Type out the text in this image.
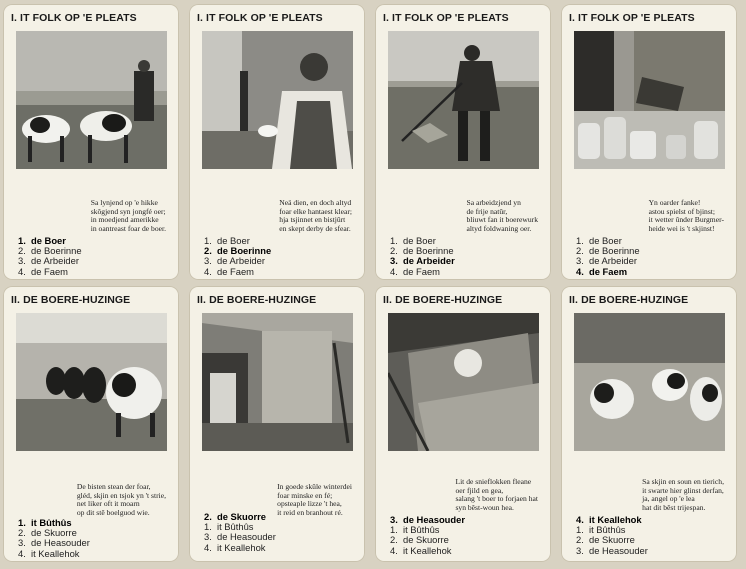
I. IT FOLK OP 'E PLEATS
Sa lynjend op 'e hikke
skôgjend syn jongfé oer;
in moedjend amerikke
in oantreast foar de boer.
1. de Boer
2. de Boerinne
3. de Arbeider
4. de Faem
I. IT FOLK OP 'E PLEATS
Neä dien, en doch altyd
foar elke hantaest klear;
hja tsjinnet en bistjûrt
en skept derby de sfear.
1. de Boer
2. de Boerinne
3. de Arbeider
4. de Faem
I. IT FOLK OP 'E PLEATS
Sa arbeidzjend yn
de frije natûr,
bliuwt fan it boerewurk
altyd foldwaning oer.
1. de Boer
2. de Boerinne
3. de Arbeider
4. de Faem
I. IT FOLK OP 'E PLEATS
Yn oarder fanke!
astou spielst of bjinst;
it wetter ûnder Burgmer-
heide wei is 't skjinst!
1. de Boer
2. de Boerinne
3. de Arbeider
4. de Faem
II. DE BOERE-HUZINGE
De bisten stean der foar,
gléd, skjin en tsjok yn 't strie,
net liker oft it moarn
op dit stê boelguod wie.
1. it Bûthûs
2. de Skuorre
3. de Heasouder
4. it Keallehok
II. DE BOERE-HUZINGE
In goede skûle winterdei
foar minske en fé;
opsteaple lizze 't hea,
it reid en branhout ré.
2. de Skuorre
1. it Bûthûs
3. de Heasouder
4. it Keallehok
II. DE BOERE-HUZINGE
Lit de snieflokken fleane
oer fjild en gea,
salang 't boer to forjaen hat
syn bêst-woun hea.
3. de Heasouder
1. it Bûthûs
2. de Skuorre
4. it Keallehok
II. DE BOERE-HUZINGE
Sa skjin en soun en tierich,
it swarte hier glinst derfan,
ja, angel op 'e lea
hat dit bêst trijespan.
4. it Keallehok
1. it Bûthûs
2. de Skuorre
3. de Heasouder
